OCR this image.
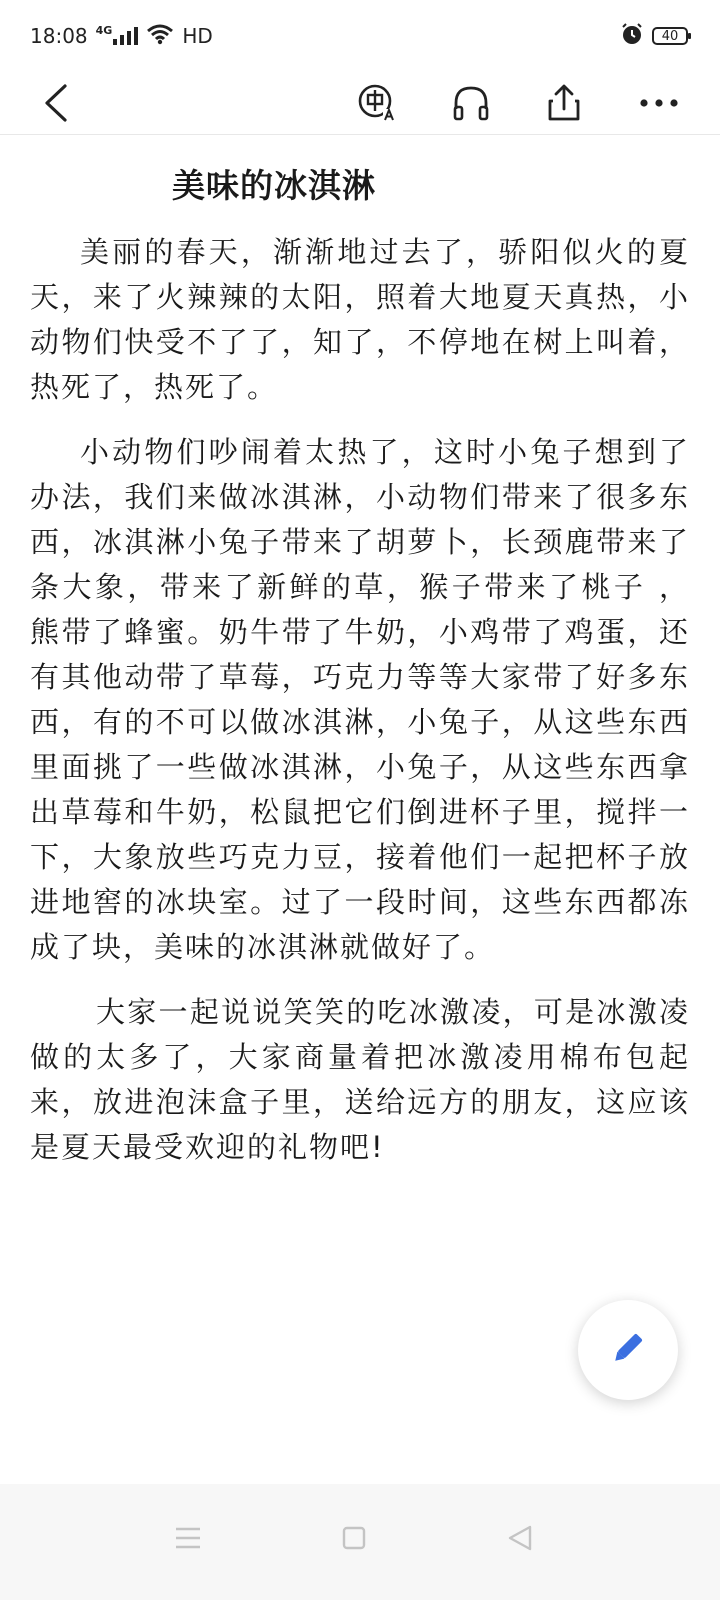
18:08 4G	HD	40
美味的冰淇淋

美丽的春天，渐渐地过去了，骄阳似火的夏天，来了火辣辣的太阳，照着大地夏天真热，小动物们快受不了了，知了，不停地在树上叫着，热死了，热死了。

小动物们吵闹着太热了，这时小兔子想到了办法，我们来做冰淇淋，小动物们带来了很多东西，冰淇淋小兔子带来了胡萝卜，长颈鹿带来了条大象，带来了新鲜的草，猴子带来了桃子 ，熊带了蜂蜜。奶牛带了牛奶，小鸡带了鸡蛋，还有其他动带了草莓，巧克力等等大家带了好多东西，有的不可以做冰淇淋，小兔子，从这些东西里面挑了一些做冰淇淋，小兔子，从这些东西拿出草莓和牛奶，松鼠把它们倒进杯子里，搅拌一下，大象放些巧克力豆，接着他们一起把杯子放进地窖的冰块室。过了一段时间，这些东西都冻成了块，美味的冰淇淋就做好了。

大家一起说说笑笑的吃冰激凌，可是冰激凌做的太多了，大家商量着把冰激凌用棉布包起来，放进泡沫盒子里，送给远方的朋友，这应该是夏天最受欢迎的礼物吧!
